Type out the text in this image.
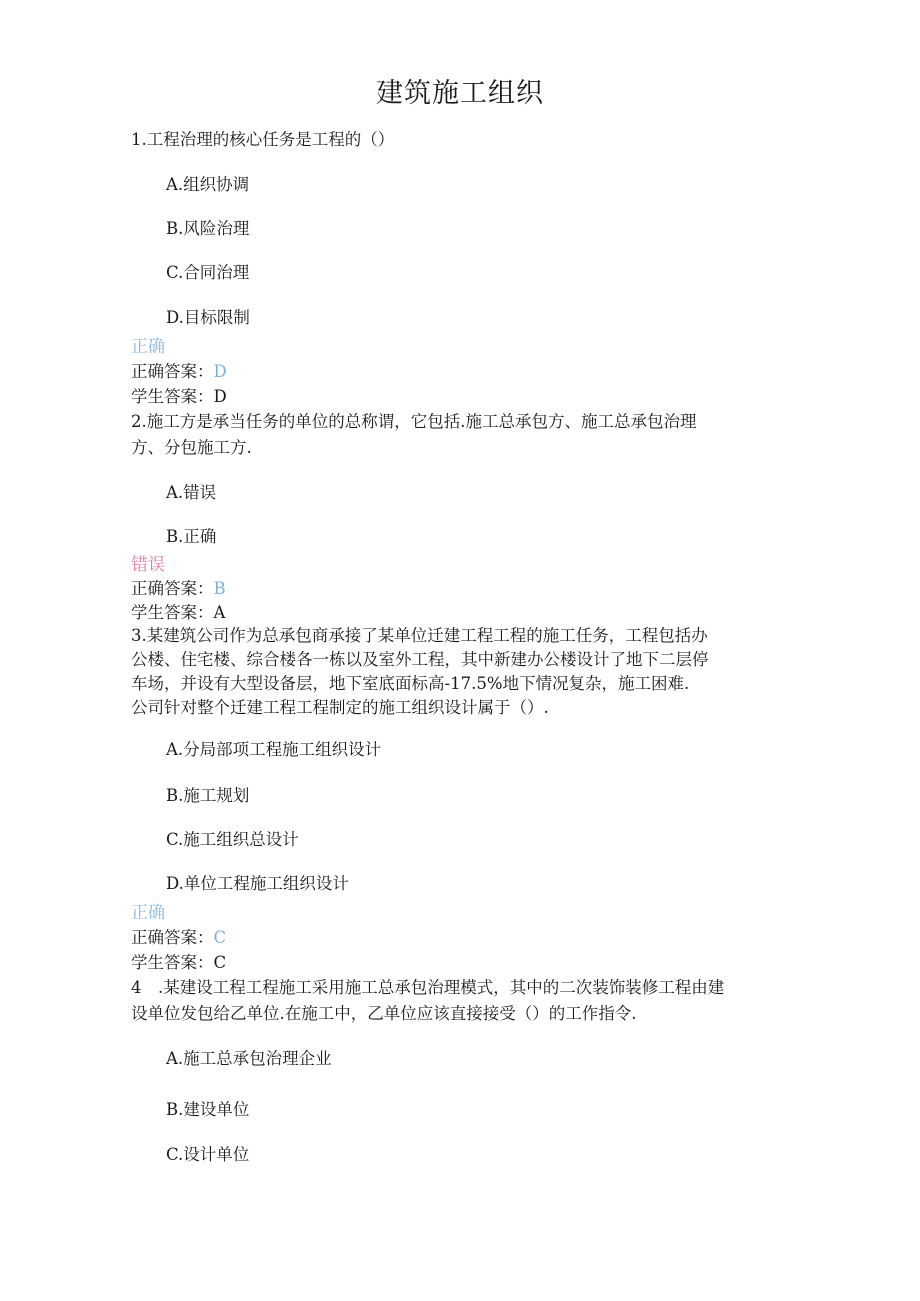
建筑施工组织
1.工程治理的核心任务是工程的（）
A.组织协调
B.风险治理
C.合同治理
D.目标限制
正确
正确答案：D
学生答案：D
2.施工方是承当任务的单位的总称谓，它包括.施工总承包方、施工总承包治理
方、分包施工方.
A.错误
B.正确
错误
正确答案：B
学生答案：A
3.某建筑公司作为总承包商承接了某单位迁建工程工程的施工任务，工程包括办
公楼、住宅楼、综合楼各一栋以及室外工程，其中新建办公楼设计了地下二层停
车场，并设有大型设备层，地下室底面标高-17.5%地下情况复杂，施工困难.
公司针对整个迁建工程工程制定的施工组织设计属于（）.
A.分局部项工程施工组织设计
B.施工规划
C.施工组织总设计
D.单位工程施工组织设计
正确
正确答案：C
学生答案：C
4　.某建设工程工程施工采用施工总承包治理模式，其中的二次装饰装修工程由建
设单位发包给乙单位.在施工中，乙单位应该直接接受（）的工作指令.
A.施工总承包治理企业
B.建设单位
C.设计单位
